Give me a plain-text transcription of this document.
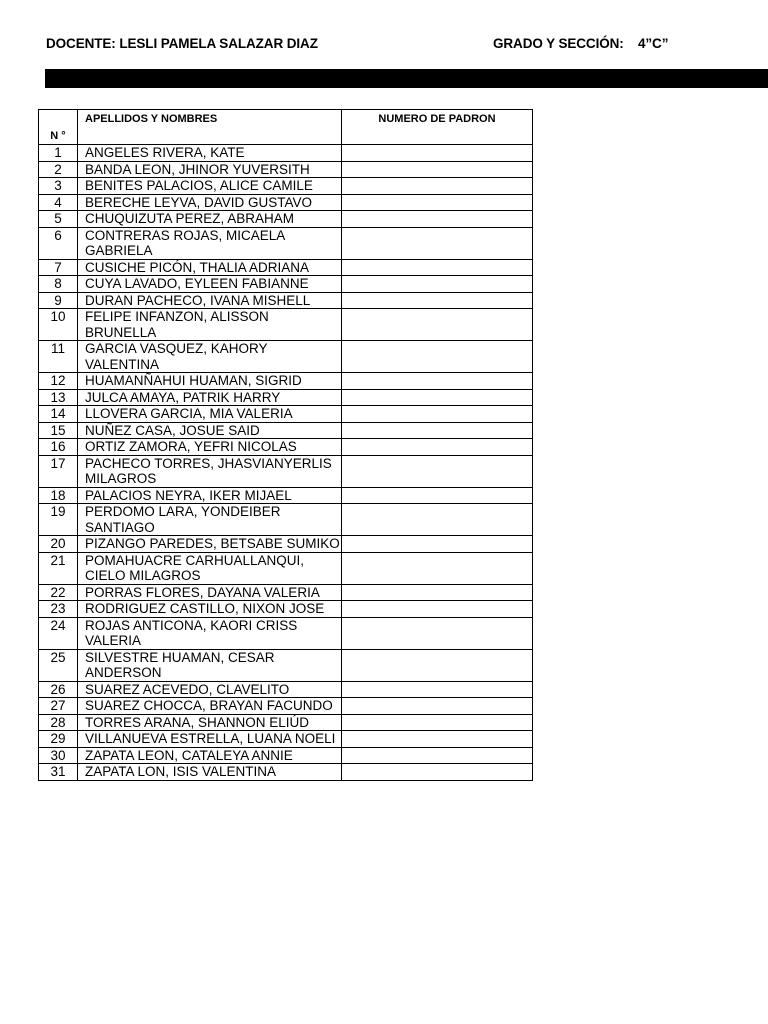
DOCENTE: LESLI PAMELA SALAZAR DIAZ	GRADO Y SECCIÓN: 4”C”
N °	APELLIDOS Y NOMBRES	NUMERO DE PADRON
1	ANGELES RIVERA, KATE	
2	BANDA LEON, JHINOR YUVERSITH	
3	BENITES PALACIOS, ALICE CAMILE	
4	BERECHE LEYVA, DAVID GUSTAVO	
5	CHUQUIZUTA PEREZ, ABRAHAM	
6	CONTRERAS ROJAS, MICAELA GABRIELA	
7	CUSICHE PICÓN, THALIA ADRIANA	
8	CUYA LAVADO, EYLEEN FABIANNE	
9	DURAN PACHECO, IVANA MISHELL	
10	FELIPE INFANZON, ALISSON BRUNELLA	
11	GARCIA VASQUEZ, KAHORY VALENTINA	
12	HUAMANÑAHUI HUAMAN, SIGRID	
13	JULCA AMAYA, PATRIK HARRY	
14	LLOVERA GARCIA, MIA VALERIA	
15	NUÑEZ CASA, JOSUE SAID	
16	ORTIZ ZAMORA, YEFRI NICOLAS	
17	PACHECO TORRES, JHASVIANYERLIS MILAGROS	
18	PALACIOS NEYRA, IKER MIJAEL	
19	PERDOMO LARA, YONDEIBER SANTIAGO	
20	PIZANGO PAREDES, BETSABE SUMIKO	
21	POMAHUACRE CARHUALLANQUI, CIELO MILAGROS	
22	PORRAS FLORES, DAYANA VALERIA	
23	RODRIGUEZ CASTILLO, NIXON JOSE	
24	ROJAS ANTICONA, KAORI CRISS VALERIA	
25	SILVESTRE HUAMAN, CESAR ANDERSON	
26	SUAREZ ACEVEDO, CLAVELITO	
27	SUAREZ CHOCCA, BRAYAN FACUNDO	
28	TORRES ARANA, SHANNON ELIÚD	
29	VILLANUEVA ESTRELLA, LUANA NOELI	
30	ZAPATA LEON, CATALEYA ANNIE	
31	ZAPATA LON, ISIS VALENTINA	
